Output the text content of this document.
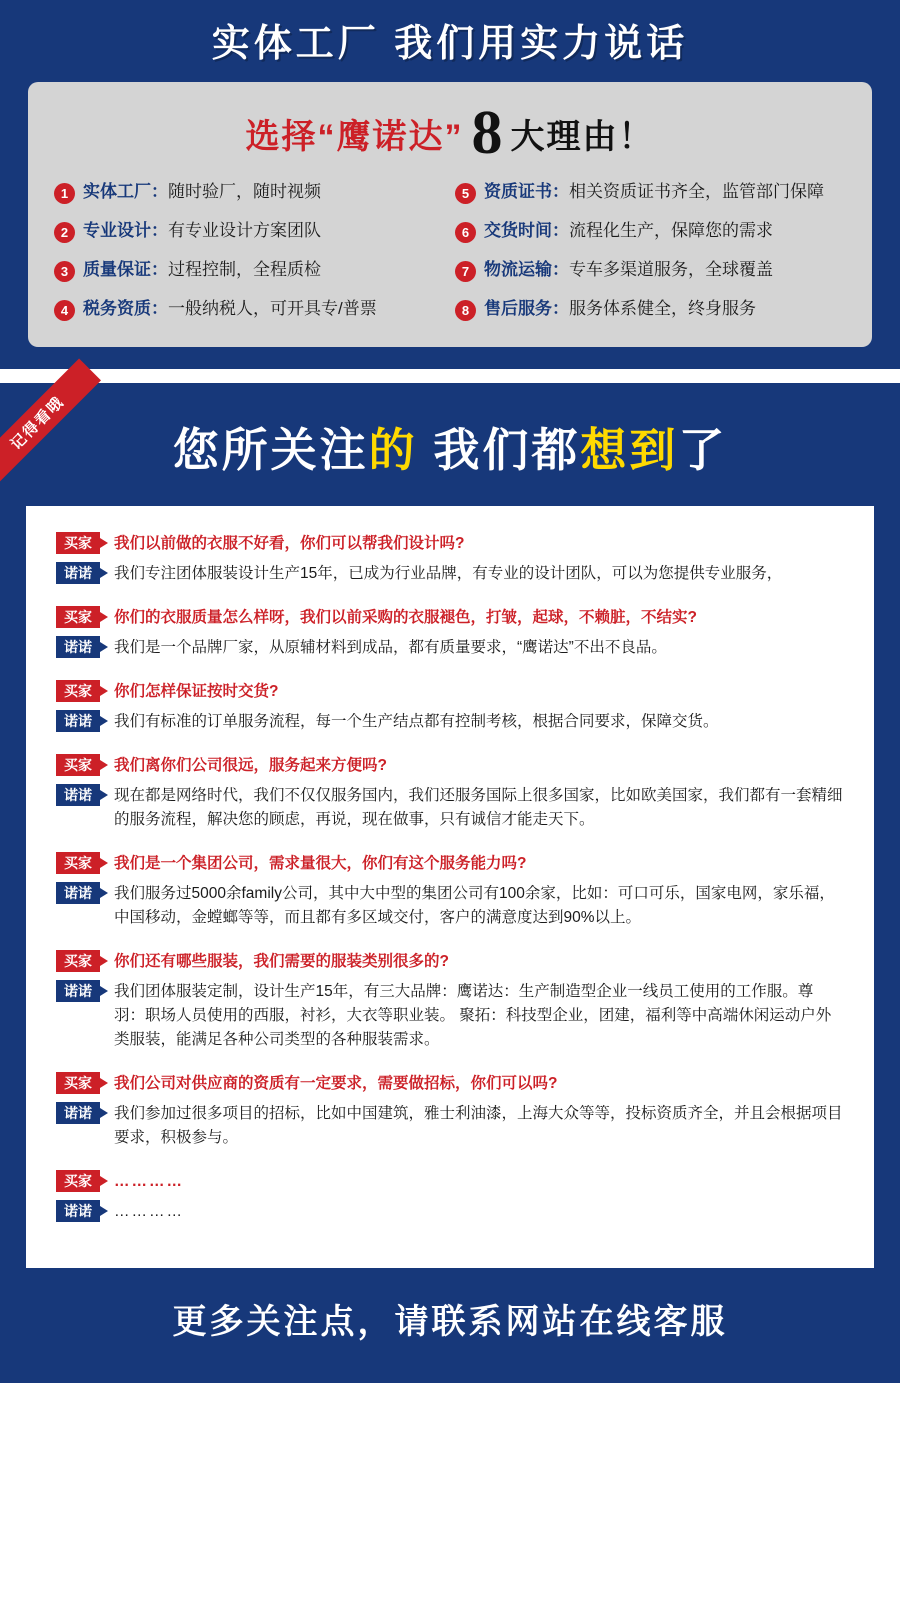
实体工厂 我们用实力说话
选择“鹰诺达” 8 大理由！
1 实体工厂：随时验厂，随时视频	5 资质证书：相关资质证书齐全，监管部门保障
2 专业设计：有专业设计方案团队	6 交货时间：流程化生产，保障您的需求
3 质量保证：过程控制，全程质检	7 物流运输：专车多渠道服务，全球覆盖
4 税务资质：一般纳税人，可开具专/普票	8 售后服务：服务体系健全，终身服务
记得看哦	您所关注的 我们都想到了
买家	我们以前做的衣服不好看，你们可以帮我们设计吗?
诺诺	我们专注团体服装设计生产15年，已成为行业品牌，有专业的设计团队，可以为您提供专业服务，
买家	你们的衣服质量怎么样呀，我们以前采购的衣服褪色，打皱，起球，不赖脏，不结实?
诺诺	我们是一个品牌厂家，从原辅材料到成品，都有质量要求，“鹰诺达”不出不良品。
买家	你们怎样保证按时交货?
诺诺	我们有标准的订单服务流程，每一个生产结点都有控制考核，根据合同要求，保障交货。
买家	我们离你们公司很远，服务起来方便吗?
诺诺	现在都是网络时代，我们不仅仅服务国内，我们还服务国际上很多国家，比如欧美国家，我们都有一套精细的服务流程，解决您的顾虑，再说，现在做事，只有诚信才能走天下。
买家	我们是一个集团公司，需求量很大，你们有这个服务能力吗?
诺诺	我们服务过5000余family公司，其中大中型的集团公司有100余家，比如：可口可乐，国家电网，家乐福，中国移动，金螳螂等等，而且都有多区域交付，客户的满意度达到90%以上。
买家	你们还有哪些服装，我们需要的服装类别很多的?
诺诺	我们团体服装定制，设计生产15年，有三大品牌：鹰诺达：生产制造型企业一线员工使用的工作服。尊羽：职场人员使用的西服，衬衫，大衣等职业装。 聚拓：科技型企业，团建，福利等中高端休闲运动户外类服装，能满足各种公司类型的各种服装需求。
买家	我们公司对供应商的资质有一定要求，需要做招标，你们可以吗?
诺诺	我们参加过很多项目的招标，比如中国建筑，雅士利油漆，上海大众等等，投标资质齐全，并且会根据项目要求，积极参与。
买家	…………
诺诺	…………
更多关注点，请联系网站在线客服
